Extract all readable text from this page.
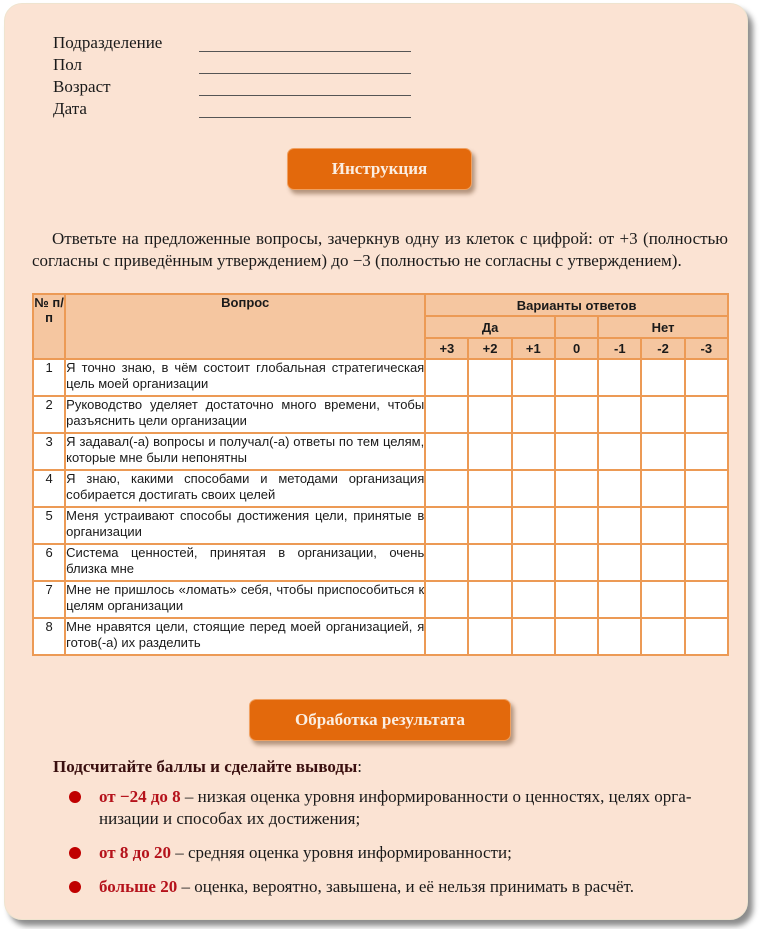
Подразделение
Пол
Возраст
Дата
Инструкция

Ответьте на предложенные вопросы, зачеркнув одну из клеток с цифрой: от +3 (полностью согласны с приведённым утверждением) до −3 (полностью не согласны с утверждением).

№ п/п	Вопрос	Варианты ответов						
		Да				Нет		
		+3	+2	+1	0	-1	-2	-3
1	Я точно знаю, в чём состоит глобальная стратегическая цель моей организации							
2	Руководство уделяет достаточно много времени, чтобы разъяснить цели организации							
3	Я задавал(-а) вопросы и получал(-а) ответы по тем целям, которые мне были непонятны							
4	Я знаю, какими способами и методами организация собирается достигать своих целей							
5	Меня устраивают способы достижения цели, принятые в организации							
6	Система ценностей, принятая в организации, очень близка мне							
7	Мне не пришлось «ломать» себя, чтобы приспособиться к целям организации							
8	Мне нравятся цели, стоящие перед моей организацией, я готов(-а) их разделить							
Обработка результата
Подсчитайте баллы и сделайте выводы:
от −24 до 8 – низкая оценка уровня информированности о ценностях, целях организации и способах их достижения;
от 8 до 20 – средняя оценка уровня информированности;
больше 20 – оценка, вероятно, завышена, и её нельзя принимать в расчёт.
